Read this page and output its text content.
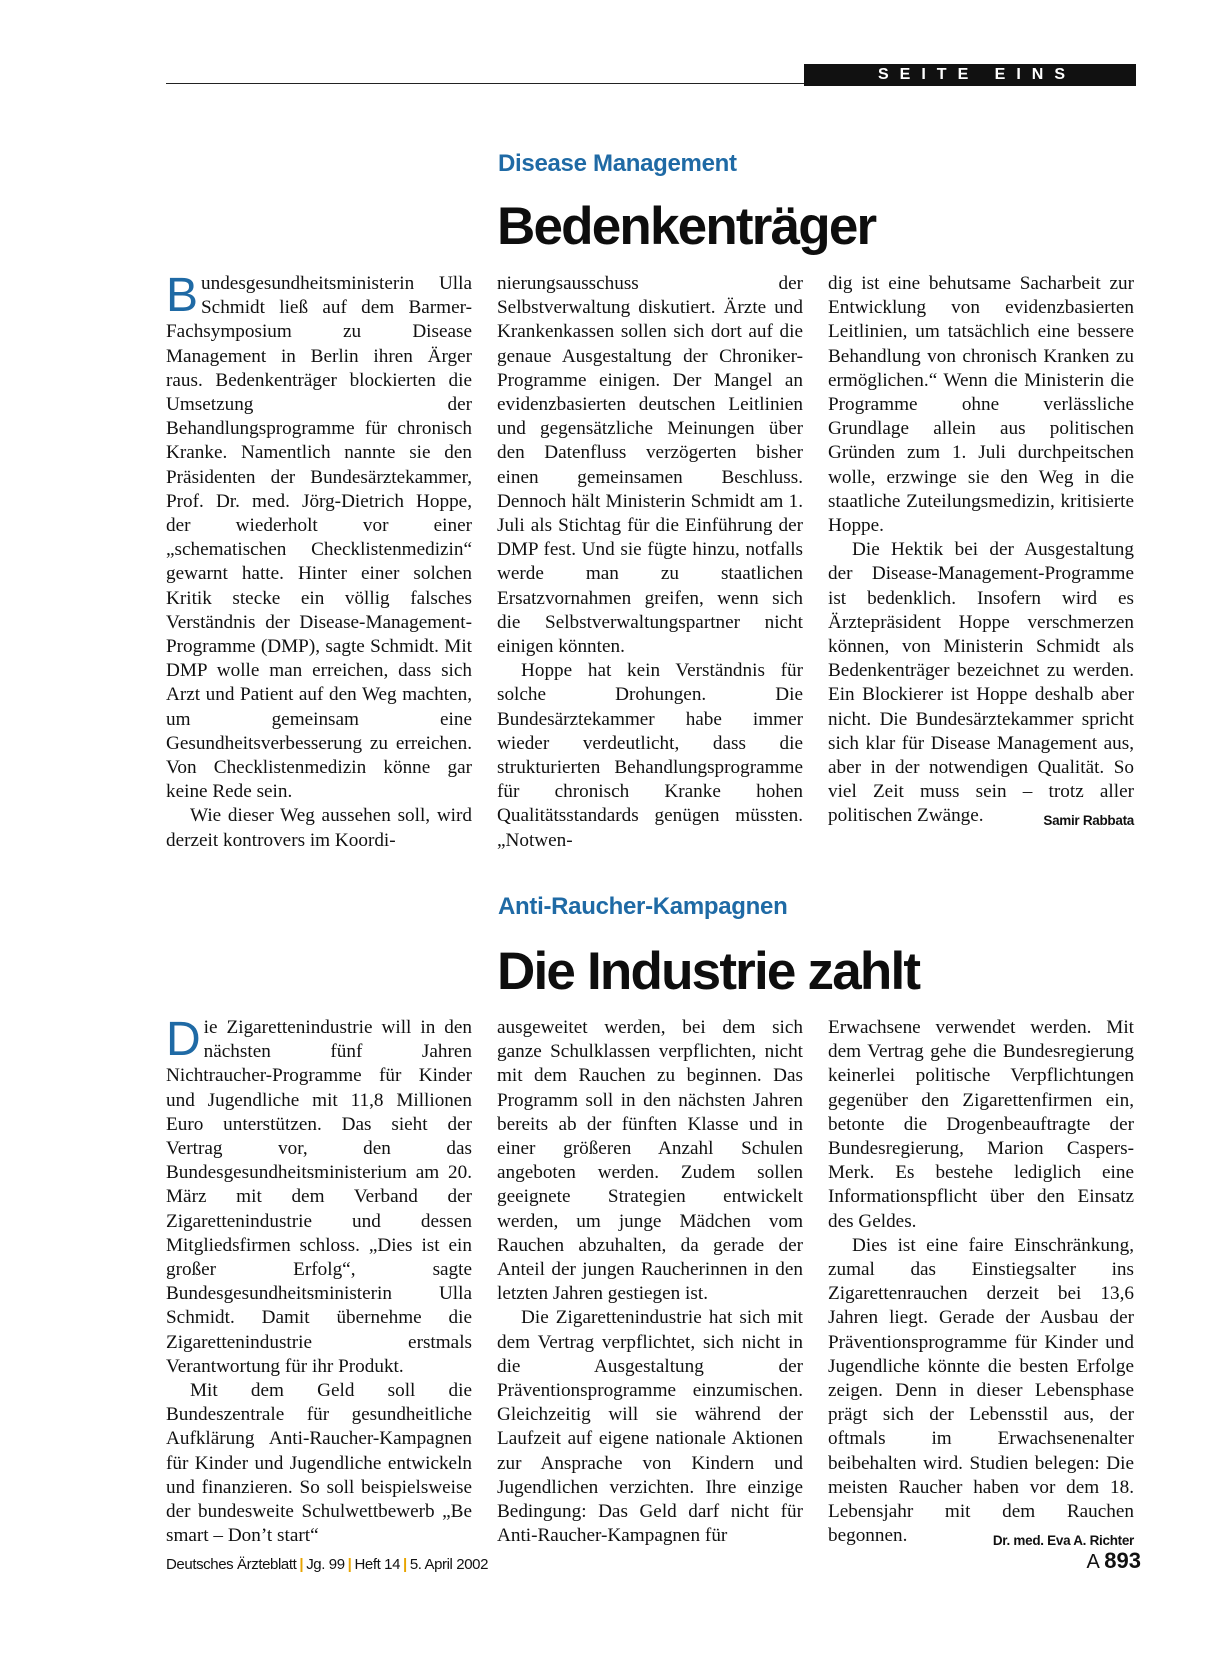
SEITE EINS
Disease Management
Bedenkenträger

Bundesgesundheitsministerin Ulla Schmidt ließ auf dem Barmer-Fachsymposium zu Disease Management in Berlin ihren Ärger raus. Bedenkenträger blockierten die Umsetzung der Behandlungsprogramme für chronisch Kranke. Namentlich nannte sie den Präsidenten der Bundesärztekammer, Prof. Dr. med. Jörg-Dietrich Hoppe, der wiederholt vor einer „schematischen Checklistenmedizin“ gewarnt hatte. Hinter einer solchen Kritik stecke ein völlig falsches Verständnis der Disease-Management-Programme (DMP), sagte Schmidt. Mit DMP wolle man erreichen, dass sich Arzt und Patient auf den Weg machten, um gemeinsam eine Gesundheitsverbesserung zu erreichen. Von Checklistenmedizin könne gar keine Rede sein.

Wie dieser Weg aussehen soll, wird derzeit kontrovers im Koordi-

nierungsausschuss der Selbstverwaltung diskutiert. Ärzte und Krankenkassen sollen sich dort auf die genaue Ausgestaltung der Chroniker-Programme einigen. Der Mangel an evidenzbasierten deutschen Leitlinien und gegensätzliche Meinungen über den Datenfluss verzögerten bisher einen gemeinsamen Beschluss. Dennoch hält Ministerin Schmidt am 1. Juli als Stichtag für die Einführung der DMP fest. Und sie fügte hinzu, notfalls werde man zu staatlichen Ersatzvornahmen greifen, wenn sich die Selbstverwaltungspartner nicht einigen könnten.

Hoppe hat kein Verständnis für solche Drohungen. Die Bundesärztekammer habe immer wieder verdeutlicht, dass die strukturierten Behandlungsprogramme für chronisch Kranke hohen Qualitätsstandards genügen müssten. „Notwen-

dig ist eine behutsame Sacharbeit zur Entwicklung von evidenzbasierten Leitlinien, um tatsächlich eine bessere Behandlung von chronisch Kranken zu ermöglichen.“ Wenn die Ministerin die Programme ohne verlässliche Grundlage allein aus politischen Gründen zum 1. Juli durchpeitschen wolle, erzwinge sie den Weg in die staatliche Zuteilungsmedizin, kritisierte Hoppe.

Die Hektik bei der Ausgestaltung der Disease-Management-Programme ist bedenklich. Insofern wird es Ärztepräsident Hoppe verschmerzen können, von Ministerin Schmidt als Bedenkenträger bezeichnet zu werden. Ein Blockierer ist Hoppe deshalb aber nicht. Die Bundesärztekammer spricht sich klar für Disease Management aus, aber in der notwendigen Qualität. So viel Zeit muss sein – trotz aller politischen Zwänge.	Samir Rabbata

Anti-Raucher-Kampagnen
Die Industrie zahlt

Die Zigarettenindustrie will in den nächsten fünf Jahren Nichtraucher-Programme für Kinder und Jugendliche mit 11,8 Millionen Euro unterstützen. Das sieht der Vertrag vor, den das Bundesgesundheitsministerium am 20. März mit dem Verband der Zigarettenindustrie und dessen Mitgliedsfirmen schloss. „Dies ist ein großer Erfolg“, sagte Bundesgesundheitsministerin Ulla Schmidt. Damit übernehme die Zigarettenindustrie erstmals Verantwortung für ihr Produkt.

Mit dem Geld soll die Bundeszentrale für gesundheitliche Aufklärung Anti-Raucher-Kampagnen für Kinder und Jugendliche entwickeln und finanzieren. So soll beispielsweise der bundesweite Schulwettbewerb „Be smart – Don’t start“

ausgeweitet werden, bei dem sich ganze Schulklassen verpflichten, nicht mit dem Rauchen zu beginnen. Das Programm soll in den nächsten Jahren bereits ab der fünften Klasse und in einer größeren Anzahl Schulen angeboten werden. Zudem sollen geeignete Strategien entwickelt werden, um junge Mädchen vom Rauchen abzuhalten, da gerade der Anteil der jungen Raucherinnen in den letzten Jahren gestiegen ist.

Die Zigarettenindustrie hat sich mit dem Vertrag verpflichtet, sich nicht in die Ausgestaltung der Präventionsprogramme einzumischen. Gleichzeitig will sie während der Laufzeit auf eigene nationale Aktionen zur Ansprache von Kindern und Jugendlichen verzichten. Ihre einzige Bedingung: Das Geld darf nicht für Anti-Raucher-Kampagnen für

Erwachsene verwendet werden. Mit dem Vertrag gehe die Bundesregierung keinerlei politische Verpflichtungen gegenüber den Zigarettenfirmen ein, betonte die Drogenbeauftragte der Bundesregierung, Marion Caspers-Merk. Es bestehe lediglich eine Informationspflicht über den Einsatz des Geldes.

Dies ist eine faire Einschränkung, zumal das Einstiegsalter ins Zigarettenrauchen derzeit bei 13,6 Jahren liegt. Gerade der Ausbau der Präventionsprogramme für Kinder und Jugendliche könnte die besten Erfolge zeigen. Denn in dieser Lebensphase prägt sich der Lebensstil aus, der oftmals im Erwachsenenalter beibehalten wird. Studien belegen: Die meisten Raucher haben vor dem 18. Lebensjahr mit dem Rauchen begonnen.	Dr. med. Eva A. Richter

Deutsches Ärzteblatt | Jg. 99 | Heft 14 | 5. April 2002	A 893
